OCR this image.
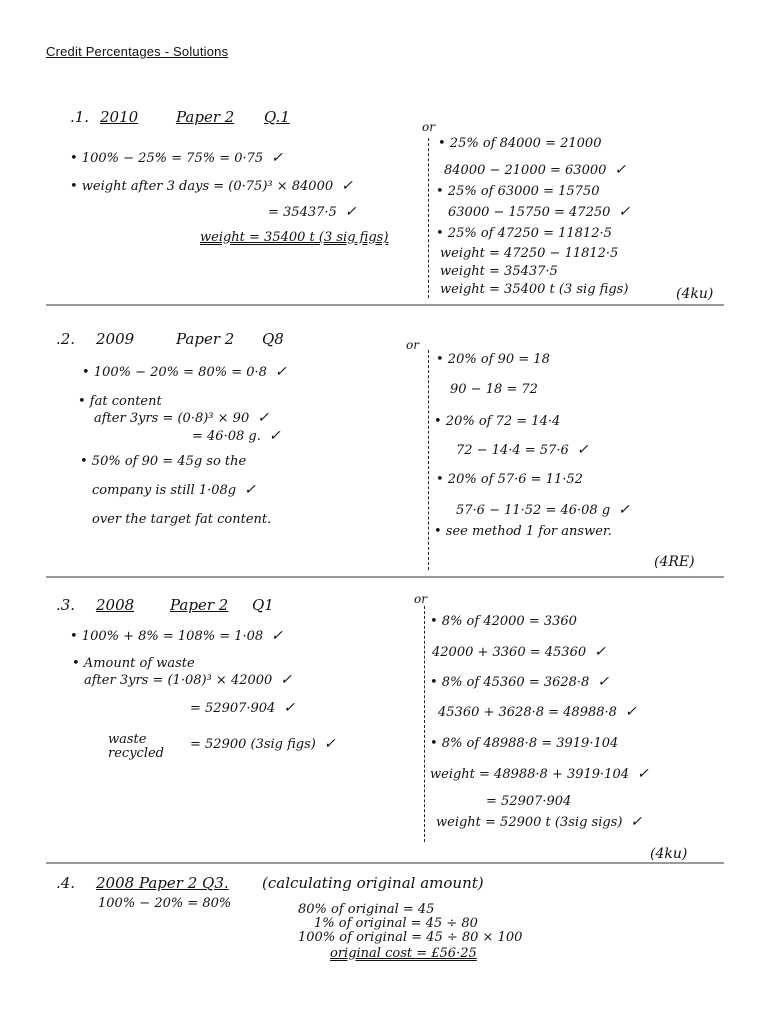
Credit Percentages - Solutions
.1. 2010	Paper 2 Q.1
• 100% − 25% = 75% = 0·75 ✓
• weight after 3 days = (0·75)³ × 84000 ✓
= 35437·5 ✓
weight = 35400 t (3 sig figs)
or
• 25% of 84000 = 21000
84000 − 21000 = 63000 ✓
• 25% of 63000 = 15750
63000 − 15750 = 47250 ✓
• 25% of 47250 = 11812·5
weight = 47250 − 11812·5
weight = 35437·5
weight = 35400 t (3 sig figs)	(4ku)
.2. 2009	Paper 2 Q8
• 100% − 20% = 80% = 0·8 ✓
• fat content
after 3yrs = (0·8)³ × 90 ✓
= 46·08 g. ✓
• 50% of 90 = 45g so the
company is still 1·08g ✓
over the target fat content.
or
• 20% of 90 = 18
90 − 18 = 72
• 20% of 72 = 14·4
72 − 14·4 = 57·6 ✓
• 20% of 57·6 = 11·52
57·6 − 11·52 = 46·08 g ✓
• see method 1 for answer.
(4RE)
.3. 2008 Paper 2 Q1
• 100% + 8% = 108% = 1·08 ✓
• Amount of waste
after 3yrs = (1·08)³ × 42000 ✓
= 52907·904 ✓
waste
recycled
= 52900 (3sig figs) ✓
or
• 8% of 42000 = 3360
42000 + 3360 = 45360 ✓
• 8% of 45360 = 3628·8 ✓
45360 + 3628·8 = 48988·8 ✓
• 8% of 48988·8 = 3919·104
weight = 48988·8 + 3919·104 ✓
= 52907·904
weight = 52900 t (3sig sigs) ✓
(4ku)
.4. 2008 Paper 2 Q3. (calculating original amount)
100% − 20% = 80%	80% of original = 45
1% of original = 45 ÷ 80
100% of original = 45 ÷ 80 × 100
original cost = £56·25
